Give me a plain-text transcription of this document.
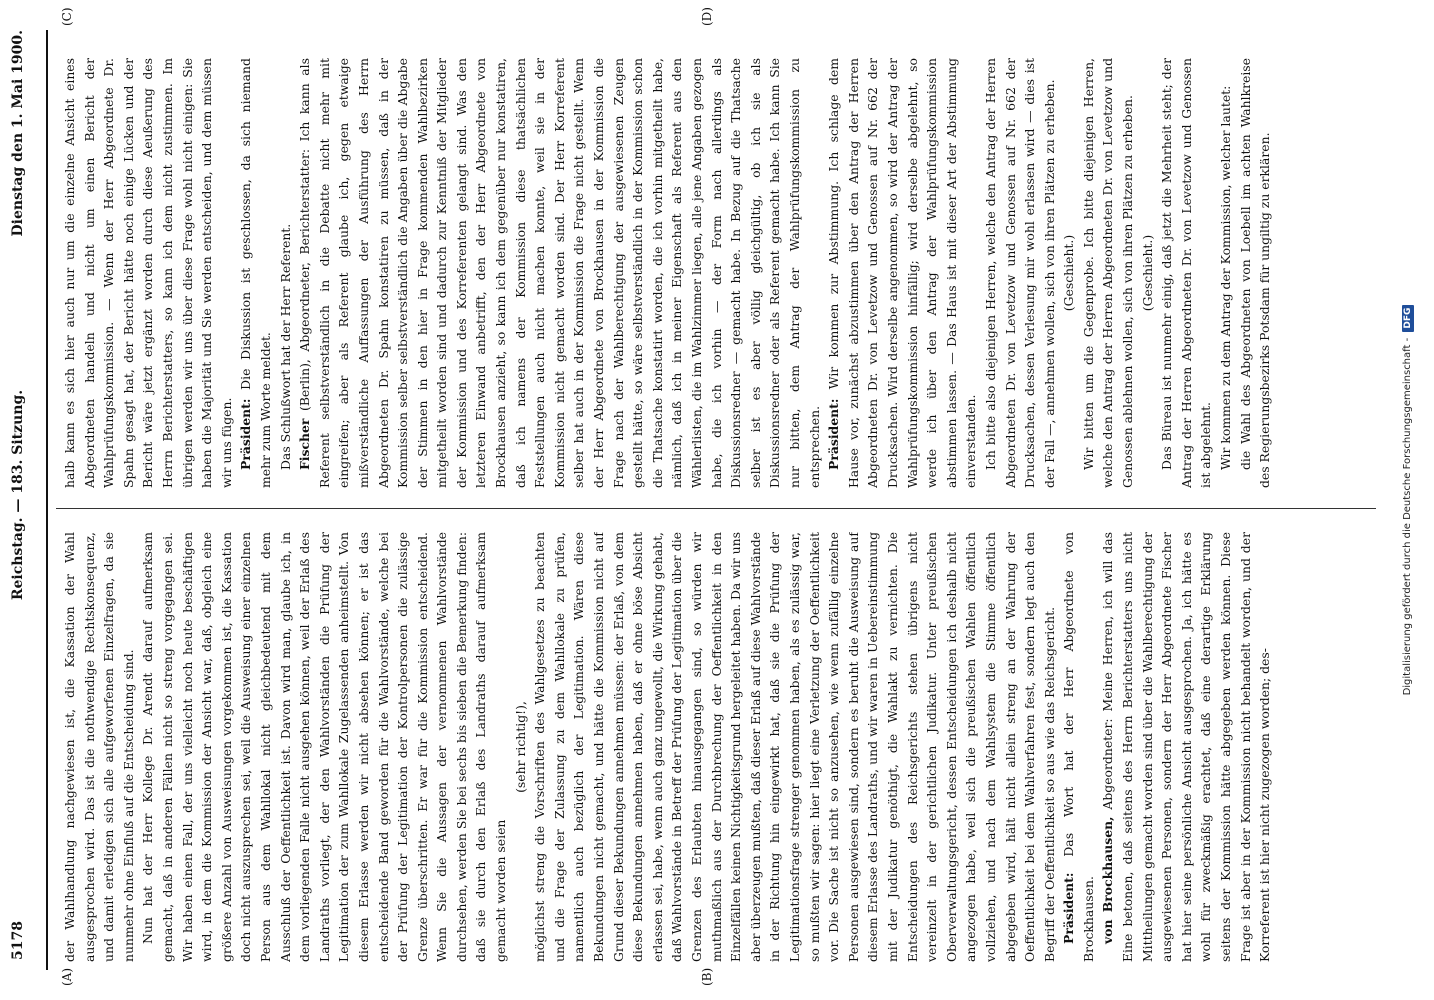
5178
Reichstag. — 183. Sitzung.
Dienstag den 1. Mai 1900.
(A)	(B)
(C)	(D)

der Wahlhandlung nachgewiesen ist, die Kassation der Wahl ausgesprochen wird. Das ist die nothwendige Rechtskonsequenz, und damit erledigen sich alle aufgeworfenen Einzelfragen, da sie nunmehr ohne Einfluß auf die Entscheidung sind. Nun hat der Herr Kollege Dr. Arendt darauf aufmerksam gemacht, daß in anderen Fällen nicht so streng vorgegangen sei. Wir haben einen Fall, der uns vielleicht noch heute beschäftigen wird, in dem die Kommission der Ansicht war, daß, obgleich eine größere Anzahl von Ausweisungen vorgekommen ist, die Kassation doch nicht auszusprechen sei, weil die Ausweisung einer einzelnen Person aus dem Wahllokal nicht gleichbedeutend mit dem Ausschluß der Oeffentlichkeit ist. Davon wird man, glaube ich, in dem vorliegenden Falle nicht ausgehen können, weil der Erlaß des Landraths vorliegt, der den Wahlvorständen die Prüfung der Legitimation der zum Wahllokale Zugelassenden anheimstellt. Von diesem Erlasse werden wir nicht absehen können; er ist das entscheidende Band geworden für die Wahlvorstände, welche bei der Prüfung der Legitimation der Kontrolpersonen die zulässige Grenze überschritten. Er war für die Kommission entscheidend. Wenn Sie die Aussagen der vernommenen Wahlvorstände durchsehen, werden Sie bei sechs bis sieben die Bemerkung finden: daß sie durch den Erlaß des Landraths darauf aufmerksam gemacht worden seien

(sehr richtig!), möglichst streng die Vorschriften des Wahlgesetzes zu beachten und die Frage der Zulassung zu dem Wahllokale zu prüfen, namentlich auch bezüglich der Legitimation. Wären diese Bekundungen nicht gemacht, und hätte die Kommission nicht auf Grund dieser Bekundungen annehmen müssen: der Erlaß, von dem diese Bekundungen annehmen haben, daß er ohne böse Absicht erlassen sei, habe, wenn auch ganz ungewollt, die Wirkung gehabt, daß Wahlvorstände in Betreff der Prüfung der Legitimation über die Grenzen des Erlaubten hinausgegangen sind, so würden wir muthmaßlich aus der Durchbrechung der Oeffentlichkeit in den Einzelfällen keinen Nichtigkeitsgrund hergeleitet haben. Da wir uns aber überzeugen mußten, daß dieser Erlaß auf diese Wahlvorstände in der Richtung hin eingewirkt hat, daß sie die Prüfung der Legitimationsfrage strenger genommen haben, als es zulässig war, so mußten wir sagen: hier liegt eine Verletzung der Oeffentlichkeit vor. Die Sache ist nicht so anzusehen, wie wenn zufällig einzelne Personen ausgewiesen sind, sondern es beruht die Ausweisung auf diesem Erlasse des Landraths, und wir waren in Uebereinstimmung mit der Judikatur genöthigt, die Wahlakt zu vernichten. Die Entscheidungen des Reichsgerichts stehen übrigens nicht vereinzelt in der gerichtlichen Judikatur. Unter preußischen Oberverwaltungsgericht, dessen Entscheidungen ich deshalb nicht angezogen habe, weil sich die preußischen Wahlen öffentlich vollziehen, und nach dem Wahlsystem die Stimme öffentlich abgegeben wird, hält nicht allein streng an der Wahrung der Oeffentlichkeit bei dem Wahlverfahren fest, sondern legt auch den Begriff der Oeffentlichkeit so aus wie das Reichsgericht. Präsident: Das Wort hat der Herr Abgeordnete von Brockhausen. von Brockhausen, Abgeordneter: Meine Herren, ich will das Eine betonen, daß seitens des Herrn Berichterstatters uns nicht Mittheilungen gemacht worden sind über die Wahlberechtigung der ausgewiesenen Personen, sondern der Herr Abgeordnete Fischer hat hier seine persönliche Ansicht ausgesprochen. Ja, ich hätte es wohl für zweckmäßig erachtet, daß eine derartige Erklärung seitens der Kommission hätte abgegeben werden können. Diese Frage ist aber in der Kommission nicht behandelt worden, und der Korreferent ist hier nicht zugezogen worden; des-

halb kann es sich hier auch nur um die einzelne Ansicht eines Abgeordneten handeln und nicht um einen Bericht der Wahlprüfungskommission. — Wenn der Herr Abgeordnete Dr. Spahn gesagt hat, der Bericht hätte noch einige Lücken und der Bericht wäre jetzt ergänzt worden durch diese Aeußerung des Herrn Berichterstatters, so kann ich dem nicht zustimmen. Im übrigen werden wir uns über diese Frage wohl nicht einigen: Sie haben die Majorität und Sie werden entscheiden, und dem müssen wir uns fügen. Präsident: Die Diskussion ist geschlossen, da sich niemand mehr zum Worte meldet. Das Schlußwort hat der Herr Referent. Fischer (Berlin), Abgeordneter, Berichterstatter: Ich kann als Referent selbstverständlich in die Debatte nicht mehr mit eingreifen; aber als Referent glaube ich, gegen etwaige mißverständliche Auffassungen der Ausführung des Herrn Abgeordneten Dr. Spahn konstatiren zu müssen, daß in der Kommission selber selbstverständlich die Angaben über die Abgabe der Stimmen in den hier in Frage kommenden Wahlbezirken mitgetheilt worden sind und dadurch zur Kenntniß der Mitglieder der Kommission und des Korreferenten gelangt sind. Was den letzteren Einwand anbetrifft, den der Herr Abgeordnete von Brockhausen anzieht, so kann ich dem gegenüber nur konstatiren, daß ich namens der Kommission diese thatsächlichen Feststellungen auch nicht machen konnte, weil sie in der Kommission nicht gemacht worden sind. Der Herr Korreferent selber hat auch in der Kommission die Frage nicht gestellt. Wenn der Herr Abgeordnete von Brockhausen in der Kommission die Frage nach der Wahlberechtigung der ausgewiesenen Zeugen gestellt hätte, so wäre selbstverständlich in der Kommission schon die Thatsache konstatirt worden, die ich vorhin mitgetheilt habe, nämlich, daß ich in meiner Eigenschaft als Referent aus den Wählerlisten, die im Wahlzimmer liegen, alle jene Angaben gezogen habe, die ich vorhin — der Form nach allerdings als Diskussionsredner — gemacht habe. In Bezug auf die Thatsache selber ist es aber völlig gleichgültig, ob ich sie als Diskussionsredner oder als Referent gemacht habe. Ich kann Sie nur bitten, dem Antrag der Wahlprüfungskommission zu entsprechen. Präsident: Wir kommen zur Abstimmung. Ich schlage dem Hause vor, zunächst abzustimmen über den Antrag der Herren Abgeordneten Dr. von Levetzow und Genossen auf Nr. 662 der Drucksachen. Wird derselbe angenommen, so wird der Antrag der Wahlprüfungskommission hinfällig; wird derselbe abgelehnt, so werde ich über den Antrag der Wahlprüfungskommission abstimmen lassen. — Das Haus ist mit dieser Art der Abstimmung einverstanden. Ich bitte also diejenigen Herren, welche den Antrag der Herren Abgeordneten Dr. von Levetzow und Genossen auf Nr. 662 der Drucksachen, dessen Verlesung mir wohl erlassen wird — dies ist der Fall —, annehmen wollen, sich von ihren Plätzen zu erheben. (Geschieht.) Wir bitten um die Gegenprobe. Ich bitte diejenigen Herren, welche den Antrag der Herren Abgeordneten Dr. von Levetzow und Genossen ablehnen wollen, sich von ihren Plätzen zu erheben. (Geschieht.) Das Büreau ist nunmehr einig, daß jetzt die Mehrheit steht; der Antrag der Herren Abgeordneten Dr. von Levetzow und Genossen ist abgelehnt. Wir kommen zu dem Antrag der Kommission, welcher lautet: die Wahl des Abgeordneten von Loebell im achten Wahlkreise des Regierungsbezirks Potsdam für ungiltig zu erklären.

Digitalisierung gefördert durch die Deutsche Forschungsgemeinschaft - DFG
